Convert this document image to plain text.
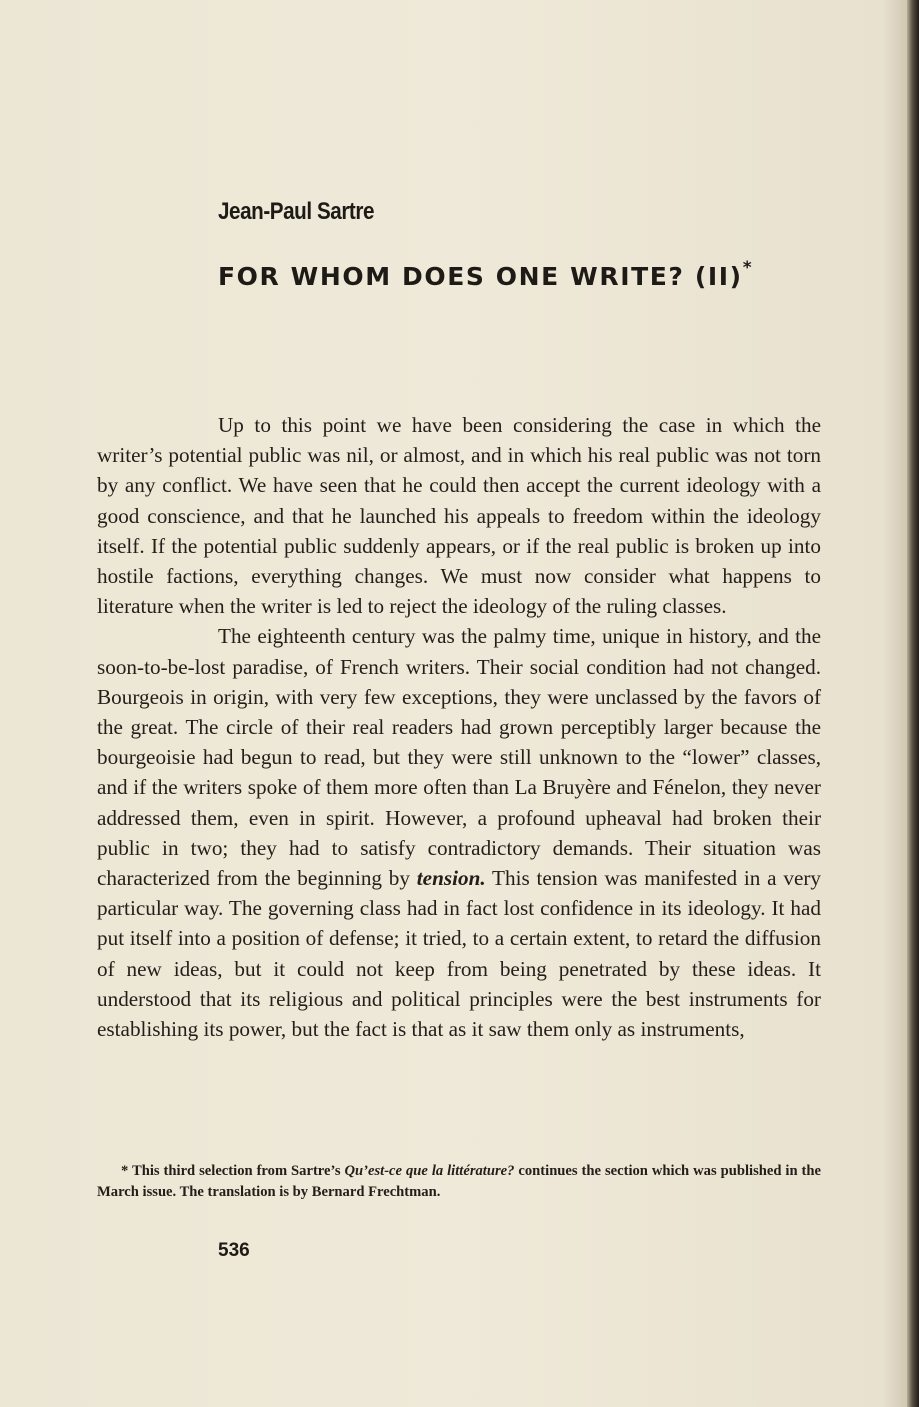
Jean-Paul Sartre
FOR WHOM DOES ONE WRITE? (II)*

Up to this point we have been considering the case in which the writer’s potential public was nil, or almost, and in which his real public was not torn by any conflict. We have seen that he could then accept the current ideology with a good conscience, and that he launched his appeals to freedom within the ideology itself. If the potential public suddenly appears, or if the real public is broken up into hostile factions, everything changes. We must now consider what happens to literature when the writer is led to reject the ideology of the ruling classes.

The eighteenth century was the palmy time, unique in history, and the soon-to-be-lost paradise, of French writers. Their social condition had not changed. Bourgeois in origin, with very few exceptions, they were unclassed by the favors of the great. The circle of their real readers had grown perceptibly larger because the bourgeoisie had begun to read, but they were still unknown to the “lower” classes, and if the writers spoke of them more often than La Bruyère and Fénelon, they never addressed them, even in spirit. However, a profound upheaval had broken their public in two; they had to satisfy contradictory demands. Their situation was characterized from the beginning by tension. This tension was manifested in a very particular way. The governing class had in fact lost confidence in its ideology. It had put itself into a position of defense; it tried, to a certain extent, to retard the diffusion of new ideas, but it could not keep from being penetrated by these ideas. It understood that its religious and political principles were the best instruments for establishing its power, but the fact is that as it saw them only as instruments,

* This third selection from Sartre’s Qu’est-ce que la littérature? continues the section which was published in the March issue. The translation is by Bernard Frechtman.
536
